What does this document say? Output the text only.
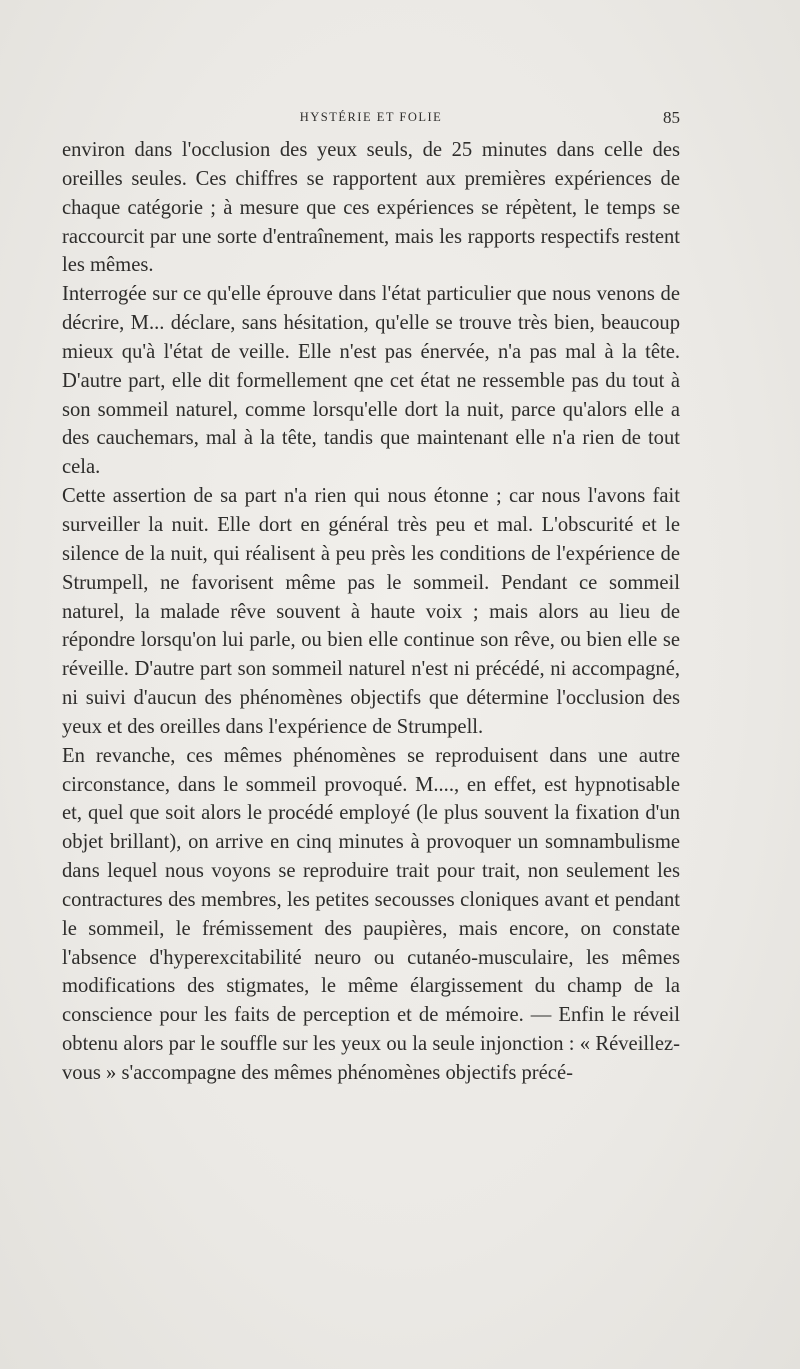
HYSTÉRIE ET FOLIE	85

environ dans l'occlusion des yeux seuls, de 25 minutes dans celle des oreilles seules. Ces chiffres se rapportent aux premières expériences de chaque catégorie ; à mesure que ces expériences se répètent, le temps se raccourcit par une sorte d'entraînement, mais les rapports respectifs restent les mêmes.

Interrogée sur ce qu'elle éprouve dans l'état particulier que nous venons de décrire, M... déclare, sans hésitation, qu'elle se trouve très bien, beaucoup mieux qu'à l'état de veille. Elle n'est pas énervée, n'a pas mal à la tête. D'autre part, elle dit formellement qne cet état ne ressemble pas du tout à son sommeil naturel, comme lorsqu'elle dort la nuit, parce qu'alors elle a des cauchemars, mal à la tête, tandis que maintenant elle n'a rien de tout cela.

Cette assertion de sa part n'a rien qui nous étonne ; car nous l'avons fait surveiller la nuit. Elle dort en général très peu et mal. L'obscurité et le silence de la nuit, qui réalisent à peu près les conditions de l'expérience de Strumpell, ne favorisent même pas le sommeil. Pendant ce sommeil naturel, la malade rêve souvent à haute voix ; mais alors au lieu de répondre lorsqu'on lui parle, ou bien elle continue son rêve, ou bien elle se réveille. D'autre part son sommeil naturel n'est ni précédé, ni accompagné, ni suivi d'aucun des phénomènes objectifs que détermine l'occlusion des yeux et des oreilles dans l'expérience de Strumpell.

En revanche, ces mêmes phénomènes se reproduisent dans une autre circonstance, dans le sommeil provoqué. M...., en effet, est hypnotisable et, quel que soit alors le procédé employé (le plus souvent la fixation d'un objet brillant), on arrive en cinq minutes à provoquer un somnambulisme dans lequel nous voyons se reproduire trait pour trait, non seulement les contractures des membres, les petites secousses cloniques avant et pendant le sommeil, le frémissement des paupières, mais encore, on constate l'absence d'hyperexcitabilité neuro ou cutanéo-musculaire, les mêmes modifications des stigmates, le même élargissement du champ de la conscience pour les faits de perception et de mémoire. — Enfin le réveil obtenu alors par le souffle sur les yeux ou la seule injonction : « Réveillez-vous » s'accompagne des mêmes phénomènes objectifs précé-
